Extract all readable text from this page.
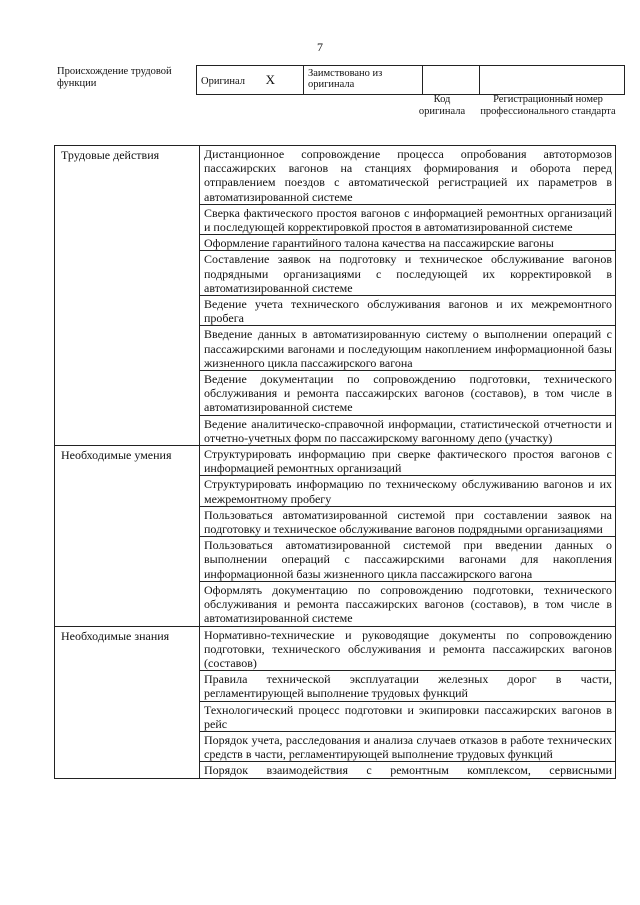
7
Происхождение трудовой функции	Оригинал X	Заимствовано из оригинала		
Код оригинала
Регистрационный номер профессионального стандарта
Трудовые действия	Дистанционное сопровождение процесса опробования автотормозов пассажирских вагонов на станциях формирования и оборота перед отправлением поездов с автоматической регистрацией их параметров в автоматизированной системе
	Сверка фактического простоя вагонов с информацией ремонтных организаций и последующей корректировкой простоя в автоматизированной системе
	Оформление гарантийного талона качества на пассажирские вагоны
	Составление заявок на подготовку и техническое обслуживание вагонов подрядными организациями с последующей их корректировкой в автоматизированной системе
	Ведение учета технического обслуживания вагонов и их межремонтного пробега
	Введение данных в автоматизированную систему о выполнении операций с пассажирскими вагонами и последующим накоплением информационной базы жизненного цикла пассажирского вагона
	Ведение документации по сопровождению подготовки, технического обслуживания и ремонта пассажирских вагонов (составов), в том числе в автоматизированной системе
	Ведение аналитическо-справочной информации, статистической отчетности и отчетно-учетных форм по пассажирскому вагонному депо (участку)
Необходимые умения	Структурировать информацию при сверке фактического простоя вагонов с информацией ремонтных организаций
	Структурировать информацию по техническому обслуживанию вагонов и их межремонтному пробегу
	Пользоваться автоматизированной системой при составлении заявок на подготовку и техническое обслуживание вагонов подрядными организациями
	Пользоваться автоматизированной системой при введении данных о выполнении операций с пассажирскими вагонами для накопления информационной базы жизненного цикла пассажирского вагона
	Оформлять документацию по сопровождению подготовки, технического обслуживания и ремонта пассажирских вагонов (составов), в том числе в автоматизированной системе
Необходимые знания	Нормативно-технические и руководящие документы по сопровождению подготовки, технического обслуживания и ремонта пассажирских вагонов (составов)
	Правила технической эксплуатации железных дорог в части, регламентирующей выполнение трудовых функций
	Технологический процесс подготовки и экипировки пассажирских вагонов в рейс
	Порядок учета, расследования и анализа случаев отказов в работе технических средств в части, регламентирующей выполнение трудовых функций
	Порядок взаимодействия с ремонтным комплексом, сервисными
